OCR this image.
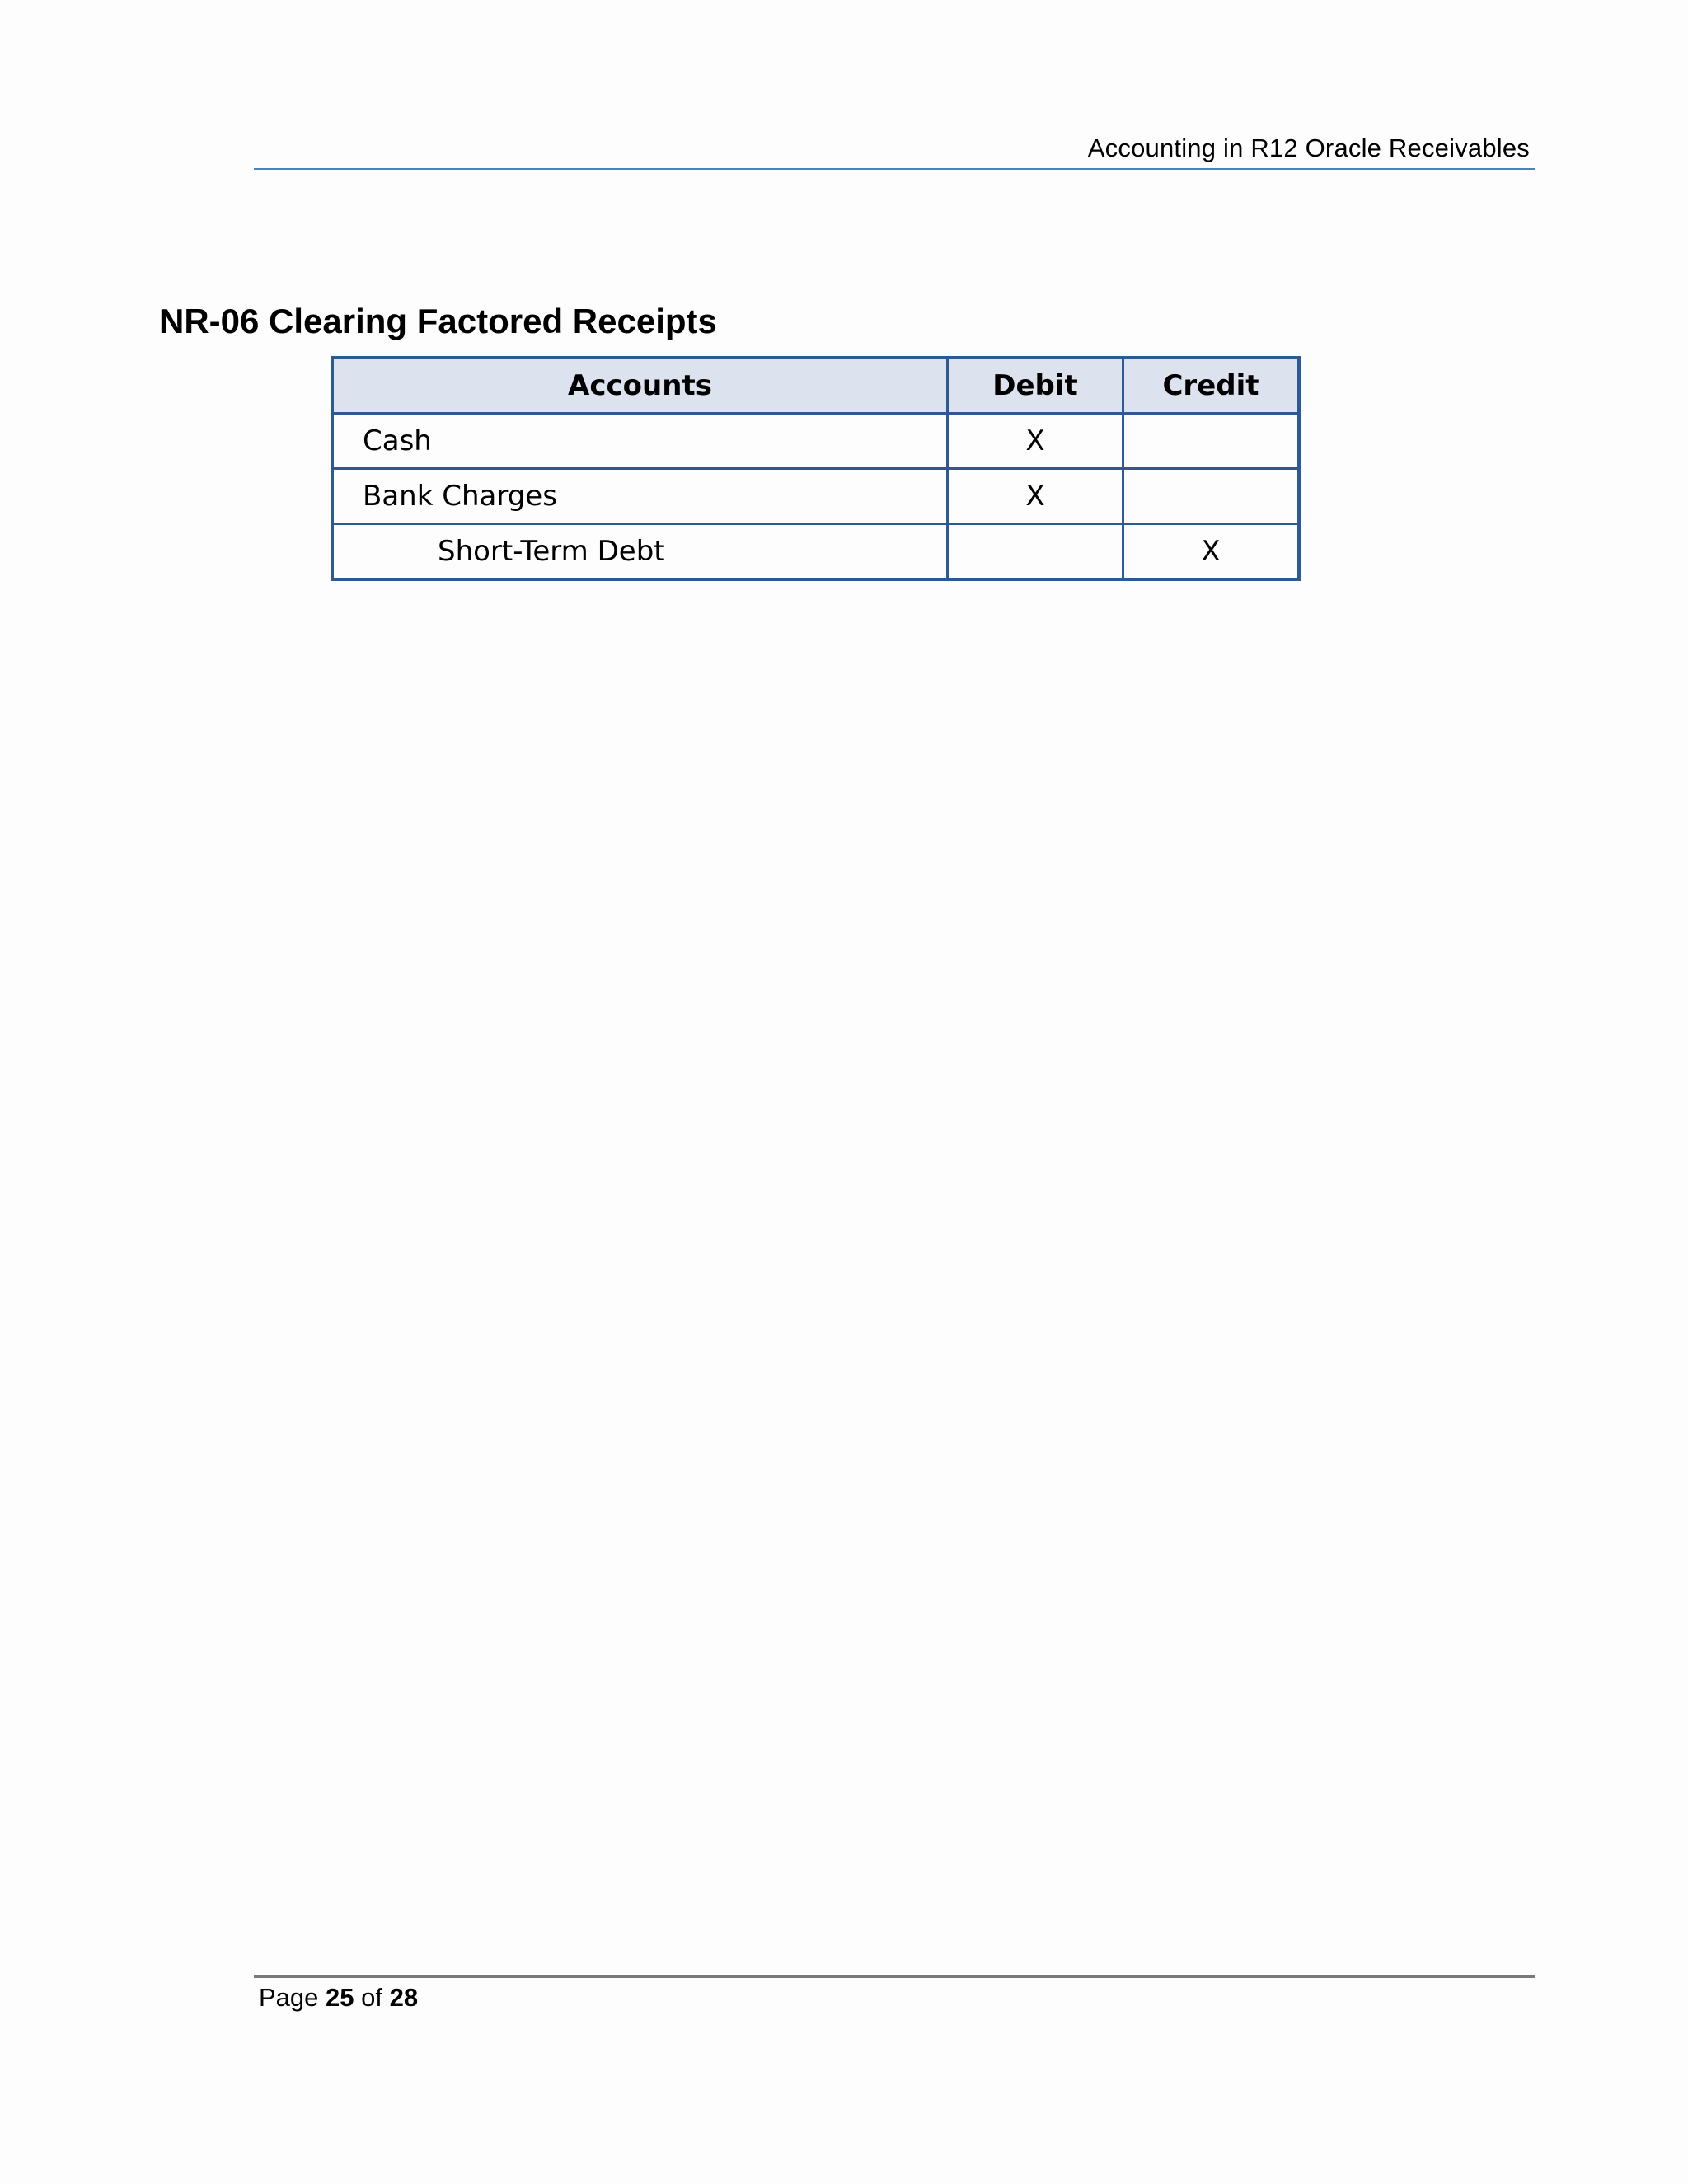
Accounting in R12 Oracle Receivables
NR-06 Clearing Factored Receipts
Accounts	Debit	Credit
Cash	X	
Bank Charges	X	
Short-Term Debt		X
Page 25 of 28
